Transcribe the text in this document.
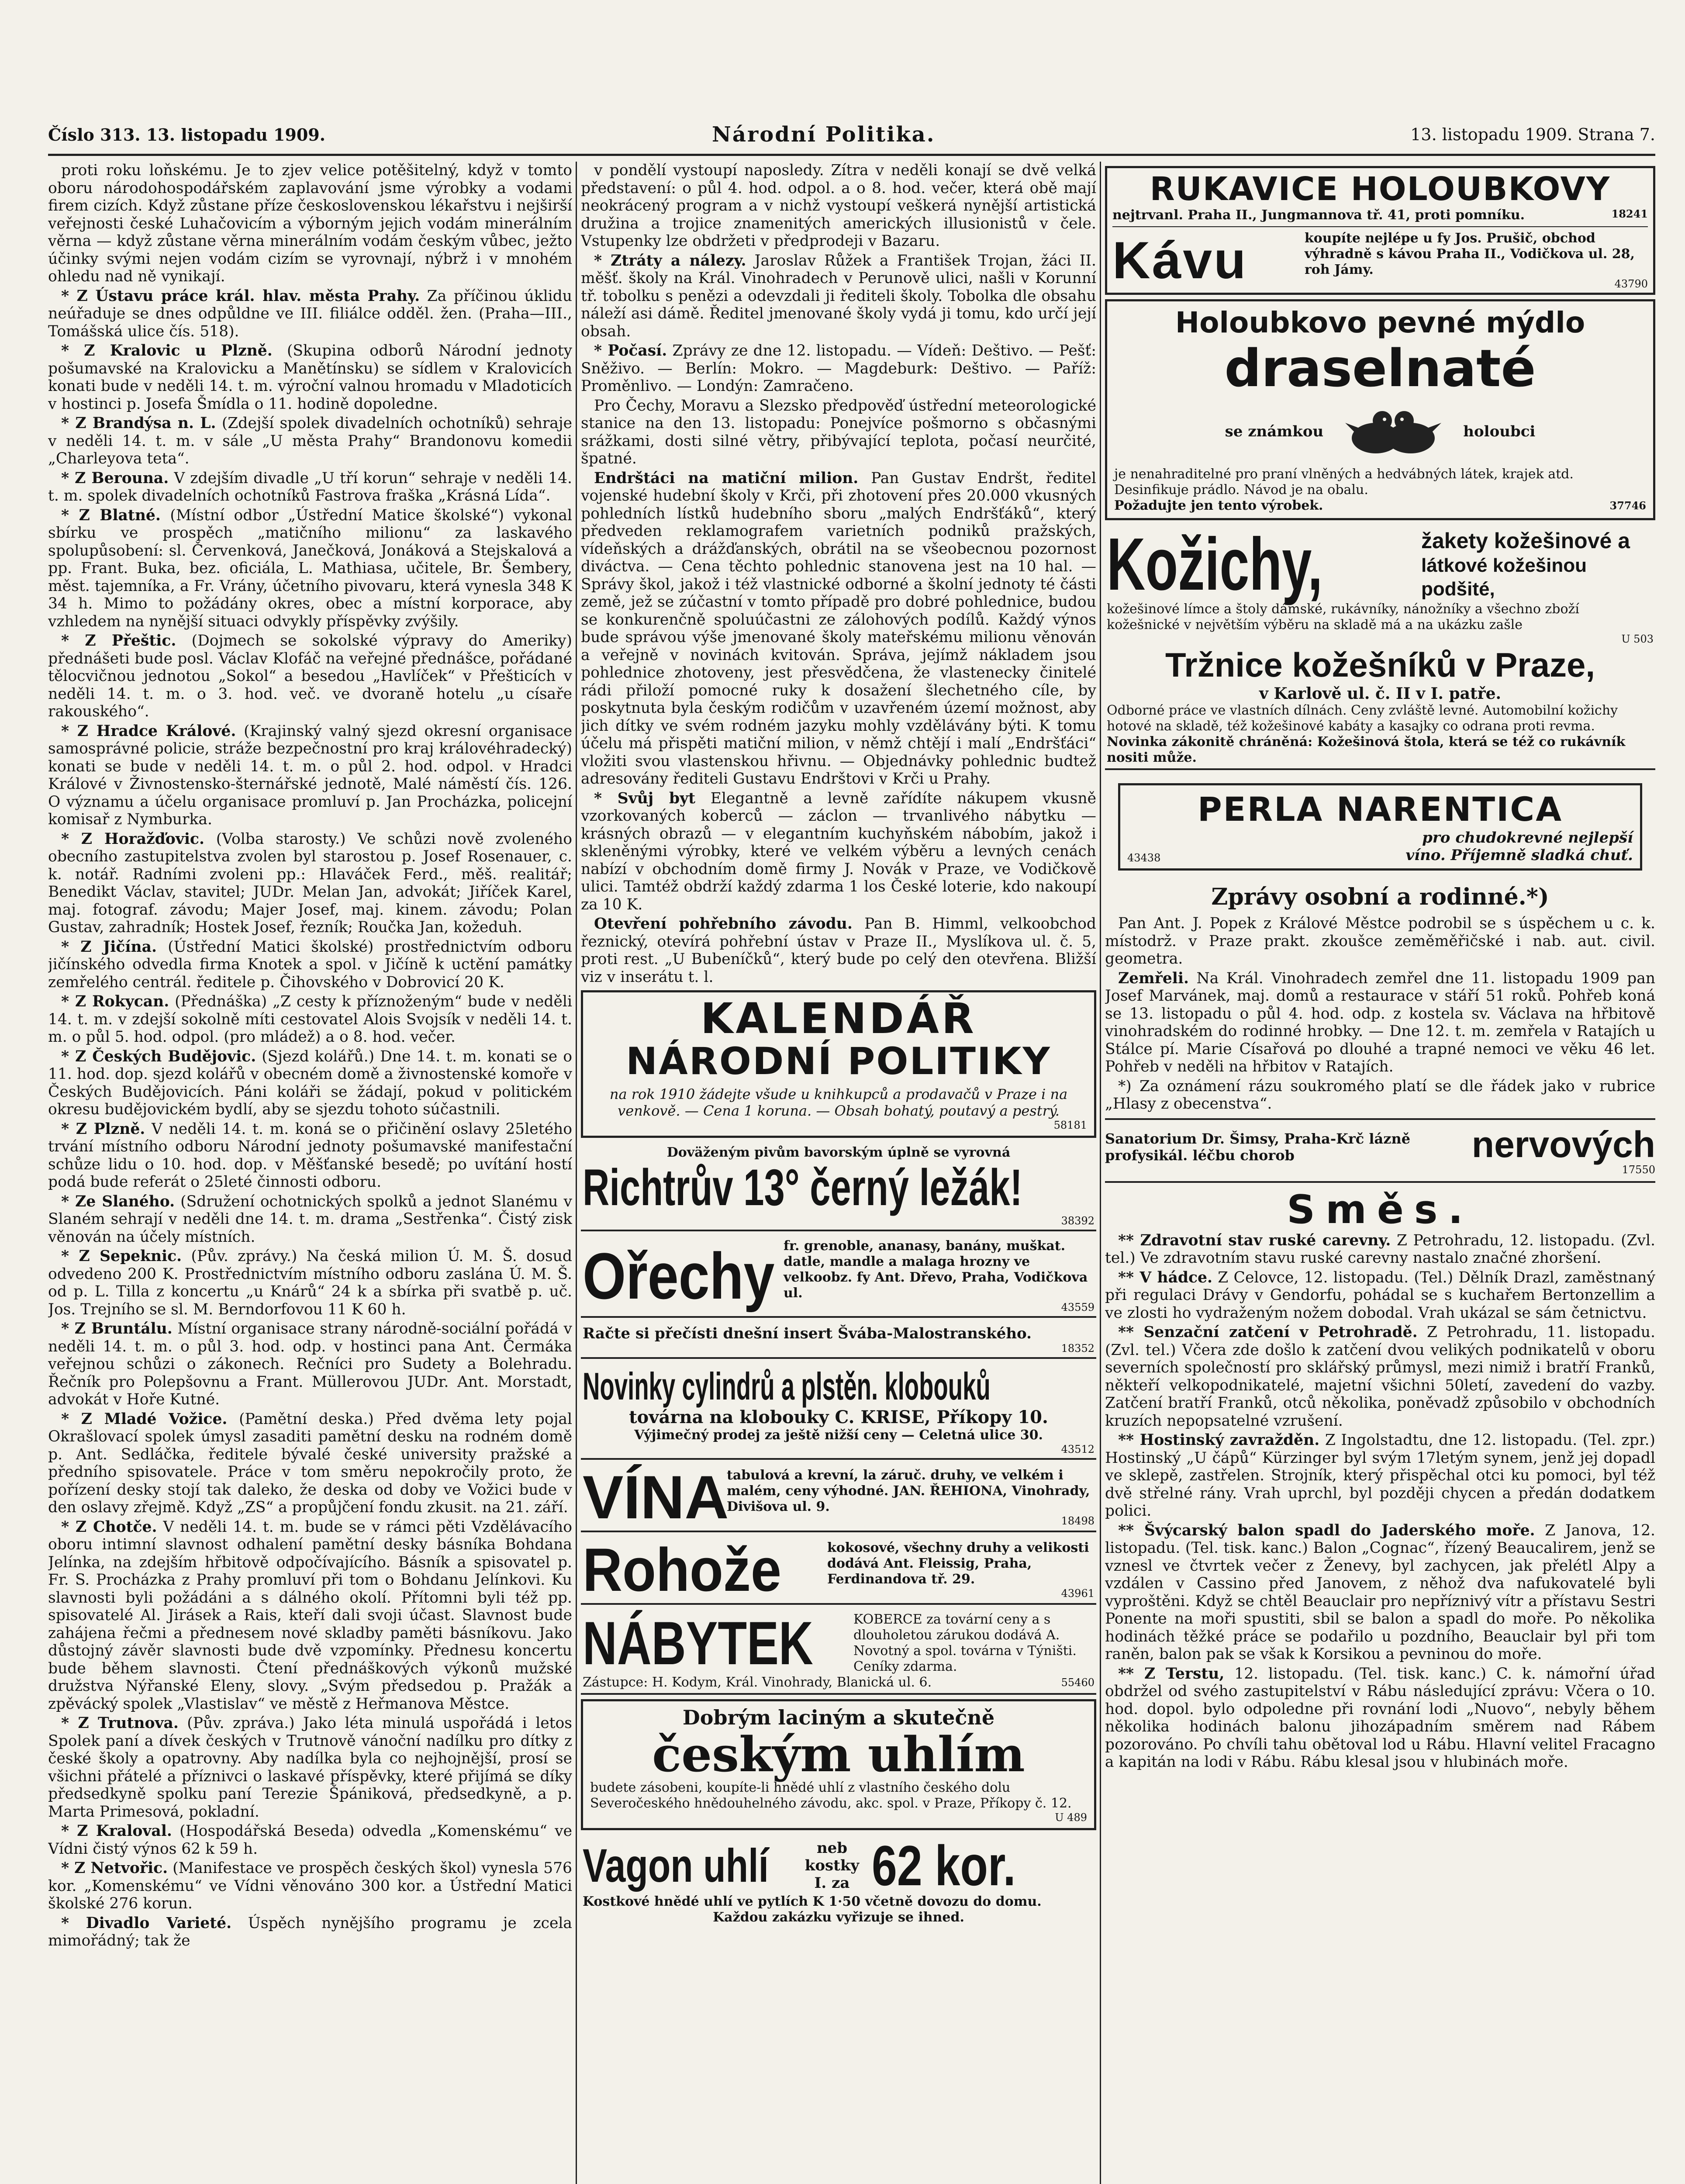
Číslo 313. 13. listopadu 1909.	Národní Politika.	13. listopadu 1909. Strana 7.

proti roku loňskému. Je to zjev velice potěšitelný, když v tomto oboru národohospodářském zaplavování jsme výrobky a vodami firem cizích. Když zůstane příze československou lékařstvu i nejširší veřejnosti české Luhačovicím a výborným jejich vodám minerálním věrna — když zůstane věrna minerálním vodám českým vůbec, ježto účinky svými nejen vodám cizím se vyrovnají, nýbrž i v mnohém ohledu nad ně vynikají.

* Z Ústavu práce král. hlav. města Prahy. Za příčinou úklidu neúřaduje se dnes odpůldne ve III. filiálce odděl. žen. (Praha—III., Tomášská ulice čís. 518).

* Z Kralovic u Plzně. (Skupina odborů Národní jednoty pošumavské na Kralovicku a Manětínsku) se sídlem v Kralovicích konati bude v neděli 14. t. m. výroční valnou hromadu v Mladoticích v hostinci p. Josefa Šmídla o 11. hodině dopoledne.

* Z Brandýsa n. L. (Zdejší spolek divadelních ochotníků) sehraje v neděli 14. t. m. v sále „U města Prahy“ Brandonovu komedii „Charleyova teta“.

* Z Berouna. V zdejším divadle „U tří korun“ sehraje v neděli 14. t. m. spolek divadelních ochotníků Fastrova fraška „Krásná Lída“.

* Z Blatné. (Místní odbor „Ústřední Matice školské“) vykonal sbírku ve prospěch „matičního milionu“ za laskavého spolupůsobení: sl. Červenková, Janečková, Jonáková a Stejskalová a pp. Frant. Buka, bez. oficiála, L. Mathiasa, učitele, Br. Šembery, měst. tajemníka, a Fr. Vrány, účetního pivovaru, která vynesla 348 K 34 h. Mimo to požádány okres, obec a místní korporace, aby vzhledem na nynější situaci odvykly příspěvky zvýšily.

* Z Přeštic. (Dojmech se sokolské výpravy do Ameriky) přednášeti bude posl. Václav Klofáč na veřejné přednášce, pořádané tělocvičnou jednotou „Sokol“ a besedou „Havlíček“ v Přešticích v neděli 14. t. m. o 3. hod. več. ve dvoraně hotelu „u císaře rakouského“.

* Z Hradce Králové. (Krajinský valný sjezd okresní organisace samosprávné policie, stráže bezpečnostní pro kraj královéhradecký) konati se bude v neděli 14. t. m. o půl 2. hod. odpol. v Hradci Králové v Živnostensko-šternářské jednotě, Malé náměstí čís. 126. O významu a účelu organisace promluví p. Jan Procházka, policejní komisař z Nymburka.

* Z Horažďovic. (Volba starosty.) Ve schůzi nově zvoleného obecního zastupitelstva zvolen byl starostou p. Josef Rosenauer, c. k. notář. Radními zvoleni pp.: Hlaváček Ferd., měš. realitář; Benedikt Václav, stavitel; JUDr. Melan Jan, advokát; Jiříček Karel, maj. fotograf. závodu; Majer Josef, maj. kinem. závodu; Polan Gustav, zahradník; Hostek Josef, řezník; Roučka Jan, kožeduh.

* Z Jičína. (Ústřední Matici školské) prostřednictvím odboru jičínského odvedla firma Knotek a spol. v Jičíně k uctění památky zemřelého centrál. ředitele p. Čihovského v Dobrovicí 20 K.

* Z Rokycan. (Přednáška) „Z cesty k příznoženým“ bude v neděli 14. t. m. v zdejší sokolně míti cestovatel Alois Svojsík v neděli 14. t. m. o půl 5. hod. odpol. (pro mládež) a o 8. hod. večer.

* Z Českých Budějovic. (Sjezd kolářů.) Dne 14. t. m. konati se o 11. hod. dop. sjezd kolářů v obecném domě a živnostenské komoře v Českých Budějovicích. Páni koláři se žádají, pokud v politickém okresu budějovickém bydlí, aby se sjezdu tohoto súčastnili.

* Z Plzně. V neděli 14. t. m. koná se o přičinění oslavy 25letého trvání místního odboru Národní jednoty pošumavské manifestační schůze lidu o 10. hod. dop. v Měšťanské besedě; po uvítání hostí podá bude referát o 25leté činnosti odboru.

* Ze Slaného. (Sdružení ochotnických spolků a jednot Slanému v Slaném sehrají v neděli dne 14. t. m. drama „Sestřenka“. Čistý zisk věnován na účely místních.

* Z Sepeknic. (Pův. zprávy.) Na česká milion Ú. M. Š. dosud odvedeno 200 K. Prostřednictvím místního odboru zaslána Ú. M. Š. od p. L. Tilla z koncertu „u Knárů“ 24 k a sbírka při svatbě p. uč. Jos. Trejního se sl. M. Berndorfovou 11 K 60 h.

* Z Bruntálu. Místní organisace strany národně-sociální pořádá v neděli 14. t. m. o půl 3. hod. odp. v hostinci pana Ant. Čermáka veřejnou schůzi o zákonech. Rečníci pro Sudety a Bolehradu. Řečník pro Polepšovnu a Frant. Müllerovou JUDr. Ant. Morstadt, advokát v Hoře Kutné.

* Z Mladé Vožice. (Pamětní deska.) Před dvěma lety pojal Okrašlovací spolek úmysl zasaditi pamětní desku na rodném domě p. Ant. Sedláčka, ředitele bývalé české university pražské a předního spisovatele. Práce v tom směru nepokročily proto, že pořízení desky stojí tak daleko, že deska od doby ve Vožici bude v den oslavy zřejmě. Když „ZS“ a propůjčení fondu zkusit. na 21. září.

* Z Chotče. V neděli 14. t. m. bude se v rámci pěti Vzdělávacího oboru intimní slavnost odhalení pamětní desky básníka Bohdana Jelínka, na zdejším hřbitově odpočívajícího. Básník a spisovatel p. Fr. S. Procházka z Prahy promluví při tom o Bohdanu Jelínkovi. Ku slavnosti byli požádáni a s dálného okolí. Přítomni byli též pp. spisovatelé Al. Jirásek a Rais, kteří dali svoji účast. Slavnost bude zahájena řečmi a přednesem nové skladby paměti básníkovu. Jako důstojný závěr slavnosti bude dvě vzpomínky. Přednesu koncertu bude během slavnosti. Čtení přednáškových výkonů mužské družstva Nýřanské Eleny, slovy. „Svým předsedou p. Pražák a zpěvácký spolek „Vlastislav“ ve městě z Heřmanova Městce.

* Z Trutnova. (Pův. zpráva.) Jako léta minulá uspořádá i letos Spolek paní a dívek českých v Trutnově vánoční nadílku pro dítky z české školy a opatrovny. Aby nadílka byla co nejhojnější, prosí se všichni přátelé a příznivci o laskavé příspěvky, které přijímá se díky předsedkyně spolku paní Terezie Špániková, předsedkyně, a p. Marta Primesová, pokladní.

* Z Kraloval. (Hospodářská Beseda) odvedla „Komenskému“ ve Vídni čistý výnos 62 k 59 h.

* Z Netvořic. (Manifestace ve prospěch českých škol) vynesla 576 kor. „Komenskému“ ve Vídni věnováno 300 kor. a Ústřední Matici školské 276 korun.

* Divadlo Varieté. Úspěch nynějšího programu je zcela mimořádný; tak že

v pondělí vystoupí naposledy. Zítra v neděli konají se dvě velká představení: o půl 4. hod. odpol. a o 8. hod. večer, která obě mají neokrácený program a v nichž vystoupí veškerá nynější artistická družina a trojice znamenitých amerických illusionistů v čele. Vstupenky lze obdržeti v předprodeji v Bazaru.

* Ztráty a nálezy. Jaroslav Růžek a František Trojan, žáci II. měšť. školy na Král. Vinohradech v Perunově ulici, našli v Korunní tř. tobolku s penězi a odevzdali ji řediteli školy. Tobolka dle obsahu náleží asi dámě. Ředitel jmenované školy vydá ji tomu, kdo určí její obsah.

* Počasí. Zprávy ze dne 12. listopadu. — Vídeň: Deštivo. — Pešť: Sněživo. — Berlín: Mokro. — Magdeburk: Deštivo. — Paříž: Proměnlivo. — Londýn: Zamračeno.

Pro Čechy, Moravu a Slezsko předpověď ústřední meteorologické stanice na den 13. listopadu: Ponejvíce pošmorno s občasnými srážkami, dosti silné větry, přibývající teplota, počasí neurčité, špatné.

Endrštáci na matiční milion. Pan Gustav Endršt, ředitel vojenské hudební školy v Krči, při zhotovení přes 20.000 vkusných pohledních lístků hudebního sboru „malých Endršťáků“, který předveden reklamografem varietních podniků pražských, vídeňských a drážďanských, obrátil na se všeobecnou pozornost diváctva. — Cena těchto pohlednic stanovena jest na 10 hal. — Správy škol, jakož i též vlastnické odborné a školní jednoty té části země, jež se zúčastní v tomto případě pro dobré pohlednice, budou se konkurenčně spoluúčastni ze zálohových podílů. Každý výnos bude správou výše jmenované školy mateřskému milionu věnován a veřejně v novinách kvitován. Správa, jejímž nákladem jsou pohlednice zhotoveny, jest přesvědčena, že vlastenecky činitelé rádi přiloží pomocné ruky k dosažení šlechetného cíle, by poskytnuta byla českým rodičům v uzavřeném území možnost, aby jich dítky ve svém rodném jazyku mohly vzdělávány býti. K tomu účelu má přispěti matiční milion, v němž chtějí i malí „Endršťáci“ vložiti svou vlastenskou hřivnu. — Objednávky pohlednic budtež adresovány řediteli Gustavu Endrštovi v Krči u Prahy.

* Svůj byt Elegantně a levně zařídíte nákupem vkusně vzorkovaných koberců — záclon — trvanlivého nábytku — krásných obrazů — v elegantním kuchyňském nábobím, jakož i skleněnými výrobky, které ve velkém výběru a levných cenách nabízí v obchodním domě firmy J. Novák v Praze, ve Vodičkově ulici. Tamtéž obdrží každý zdarma 1 los České loterie, kdo nakoupí za 10 K.

Otevření pohřebního závodu. Pan B. Himml, velkoobchod řeznický, otevírá pohřební ústav v Praze II., Myslíkova ul. č. 5, proti rest. „U Bubeníčků“, který bude po celý den otevřena. Bližší viz v inserátu t. l.

KALENDÁŘ
NÁRODNÍ POLITIKY
na rok 1910 žádejte všude u knihkupců a prodavačů v Praze i na venkově. — Cena 1 koruna. — Obsah bohatý, poutavý a pestrý.
58181
Doväženým pivům bavorským úplně se vyrovná
Richtrův 13° černý ležák!
38392
Ořechy fr. grenoble, ananasy, banány, muškat. datle, mandle a malaga hrozny ve velkoobz. fy Ant. Dřevo, Praha, Vodičkova ul.
43559
Račte si přečísti dnešní insert Švába-Malostranského.
18352
Novinky cylindrů a plstěn. klobouků
továrna na klobouky C. KRISE, Příkopy 10.
Výjimečný prodej za ještě nižší ceny — Celetná ulice 30.
43512
VÍNA
tabulová a krevní, la záruč. druhy, ve velkém i malém, ceny výhodné. JAN. ŘEHIONA, Vinohrady, Divišova ul. 9.
18498
Rohože	kokosové, všechny druhy a velikosti dodává Ant. Fleissig, Praha, Ferdinandova tř. 29.
43961
NÁBYTEK	KOBERCE za tovární ceny a s dlouholetou zárukou dodává A. Novotný a spol. továrna v Týništi. Ceníky zdarma.
Zástupce: H. Kodym, Král. Vinohrady, Blanická ul. 6.	55460
Dobrým laciným a skutečně
českým uhlím
budete zásobeni, koupíte-li hnědé uhlí z vlastního českého dolu Severočeského hnědouhelného závodu, akc. spol. v Praze, Příkopy č. 12.
U 489
Vagon uhlí	neb kostky I. za 62 kor.
Kostkové hnědé uhlí ve pytlích K 1·50 včetně dovozu do domu.
Každou zakázku vyřizuje se ihned.
RUKAVICE HOLOUBKOVY
nejtrvanl. Praha II., Jungmannova tř. 41, proti pomníku.	18241
Kávu	koupíte nejlépe u fy Jos. Prušič, obchod výhradně s kávou Praha II., Vodičkova ul. 28, roh Jámy.
43790
Holoubkovo pevné mýdlo
draselnaté
se známkou	holoubci
je nenahraditelné pro praní vlněných a hedvábných látek, krajek atd. Desinfikuje prádlo. Návod je na obalu.
Požadujte jen tento výrobek.	37746
Kožichy,	žakety kožešinové a
látkové kožešinou podšité,
kožešinové límce a štoly dámské, rukávníky, nánožníky a všechno zboží kožešnické v největším výběru na skladě má a na ukázku zašle
U 503
Tržnice kožešníků v Praze,
v Karlově ul. č. II v I. patře.
Odborné práce ve vlastních dílnách. Ceny zvláště levné. Automobilní kožichy hotové na skladě, též kožešinové kabáty a kasajky co odrana proti revma.
Novinka zákonitě chráněná: Kožešinová štola, která se též co rukávník nositi může.
PERLA NARENTICA
43438
pro chudokrevné nejlepší
víno. Příjemně sladká chuť.
Zprávy osobní a rodinné.*)

Pan Ant. J. Popek z Králové Městce podrobil se s úspěchem u c. k. místodrž. v Praze prakt. zkoušce zeměměřičské i nab. aut. civil. geometra.

Zemřeli. Na Král. Vinohradech zemřel dne 11. listopadu 1909 pan Josef Marvánek, maj. domů a restaurace v stáří 51 roků. Pohřeb koná se 13. listopadu o půl 4. hod. odp. z kostela sv. Václava na hřbitově vinohradském do rodinné hrobky. — Dne 12. t. m. zemřela v Ratajích u Stálce pí. Marie Císařová po dlouhé a trapné nemoci ve věku 46 let. Pohřeb v neděli na hřbitov v Ratajích.

*) Za oznámení rázu soukromého platí se dle řádek jako v rubrice „Hlasy z obecenstva“.

Sanatorium Dr. Šimsy, Praha-Krč lázně profysikál. léčbu chorob	nervových
17550
Směs.

** Zdravotní stav ruské carevny. Z Petrohradu, 12. listopadu. (Zvl. tel.) Ve zdravotním stavu ruské carevny nastalo značné zhoršení.

** V hádce. Z Celovce, 12. listopadu. (Tel.) Dělník Drazl, zaměstnaný při regulaci Drávy v Gendorfu, pohádal se s kuchařem Bertonzellim a ve zlosti ho vydraženým nožem dobodal. Vrah ukázal se sám četnictvu.

** Senzační zatčení v Petrohradě. Z Petrohradu, 11. listopadu. (Zvl. tel.) Včera zde došlo k zatčení dvou velikých podnikatelů v oboru severních společností pro sklářský průmysl, mezi nimiž i bratří Franků, někteří velkopodnikatelé, majetní všichni 50letí, zavedení do vazby. Zatčení bratří Franků, otců několika, poněvadž způsobilo v obchodních kruzích nepopsatelné vzrušení.

** Hostinský zavražděn. Z Ingolstadtu, dne 12. listopadu. (Tel. zpr.) Hostinský „U čápů“ Kürzinger byl svým 17letým synem, jenž jej dopadl ve sklepě, zastřelen. Strojník, který přispěchal otci ku pomoci, byl též dvě střelné rány. Vrah uprchl, byl později chycen a předán dodatkem polici.

** Švýcarský balon spadl do Jaderského moře. Z Janova, 12. listopadu. (Tel. tisk. kanc.) Balon „Cognac“, řízený Beaucalirem, jenž se vznesl ve čtvrtek večer z Ženevy, byl zachycen, jak přelétl Alpy a vzdálen v Cassino před Janovem, z něhož dva nafukovatelé byli vyproštěni. Když se chtěl Beauclair pro nepříznivý vítr a přístavu Sestri Ponente na moři spustiti, sbil se balon a spadl do moře. Po několika hodinách těžké práce se podařilo u pozdního, Beauclair byl při tom raněn, balon pak se však k Korsikou a pevninou do moře.

** Z Terstu, 12. listopadu. (Tel. tisk. kanc.) C. k. námořní úřad obdržel od svého zastupitelství v Rábu následující zprávu: Včera o 10. hod. dopol. bylo odpoledne při rovnání lodi „Nuovo“, nebyly během několika hodinách balonu jihozápadním směrem nad Rábem pozorováno. Po chvíli tahu obětoval lod u Rábu. Hlavní velitel Fracagno a kapitán na lodi v Rábu. Rábu klesal jsou v hlubinách moře.
